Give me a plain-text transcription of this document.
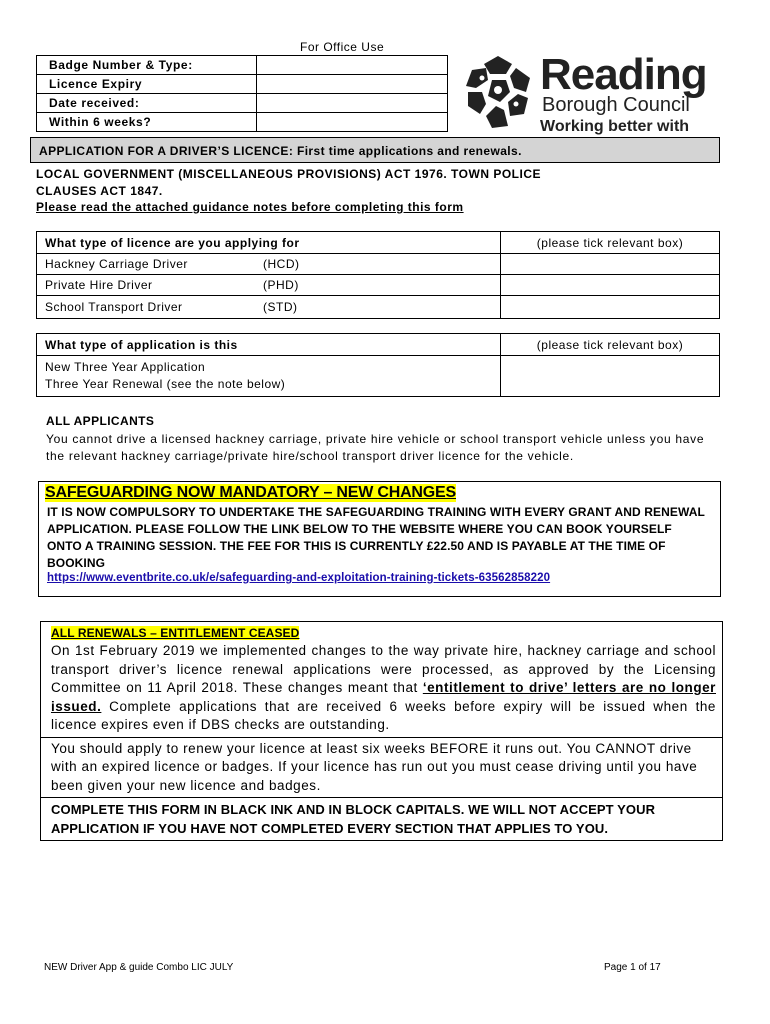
For Office Use
Badge Number & Type:	
Licence Expiry	
Date received:	
Within 6 weeks?	
Reading
Borough Council
Working better with
APPLICATION FOR A DRIVER’S LICENCE: First time applications and renewals.
LOCAL GOVERNMENT (MISCELLANEOUS PROVISIONS) ACT 1976. TOWN POLICE CLAUSES ACT 1847.
Please read the attached guidance notes before completing this form
What type of licence are you applying for	(please tick relevant box)
Hackney Carriage Driver (HCD)	

Private Hire Driver (PHD)	

School Transport Driver (STD)	

What type of application is this	(please tick relevant box)

New Three Year Application
Three Year Renewal (see the note below)	

ALL APPLICANTS
You cannot drive a licensed hackney carriage, private hire vehicle or school transport vehicle unless you have the relevant hackney carriage/private hire/school transport driver licence for the vehicle.
SAFEGUARDING NOW MANDATORY – NEW CHANGES
IT IS NOW COMPULSORY TO UNDERTAKE THE SAFEGUARDING TRAINING WITH EVERY GRANT AND RENEWAL APPLICATION. PLEASE FOLLOW THE LINK BELOW TO THE WEBSITE WHERE YOU CAN BOOK YOURSELF ONTO A TRAINING SESSION. THE FEE FOR THIS IS CURRENTLY £22.50 AND IS PAYABLE AT THE TIME OF BOOKING
https://www.eventbrite.co.uk/e/safeguarding-and-exploitation-training-tickets-63562858220
ALL RENEWALS – ENTITLEMENT CEASED
On 1st February 2019 we implemented changes to the way private hire, hackney carriage and school transport driver’s licence renewal applications were processed, as approved by the Licensing Committee on 11 April 2018. These changes meant that ‘entitlement to drive’ letters are no longer issued. Complete applications that are received 6 weeks before expiry will be issued when the licence expires even if DBS checks are outstanding.
You should apply to renew your licence at least six weeks BEFORE it runs out. You CANNOT drive with an expired licence or badges. If your licence has run out you must cease driving until you have been given your new licence and badges.
COMPLETE THIS FORM IN BLACK INK AND IN BLOCK CAPITALS. WE WILL NOT ACCEPT YOUR APPLICATION IF YOU HAVE NOT COMPLETED EVERY SECTION THAT APPLIES TO YOU.
NEW Driver App & guide Combo LIC JULY	Page 1 of 17
